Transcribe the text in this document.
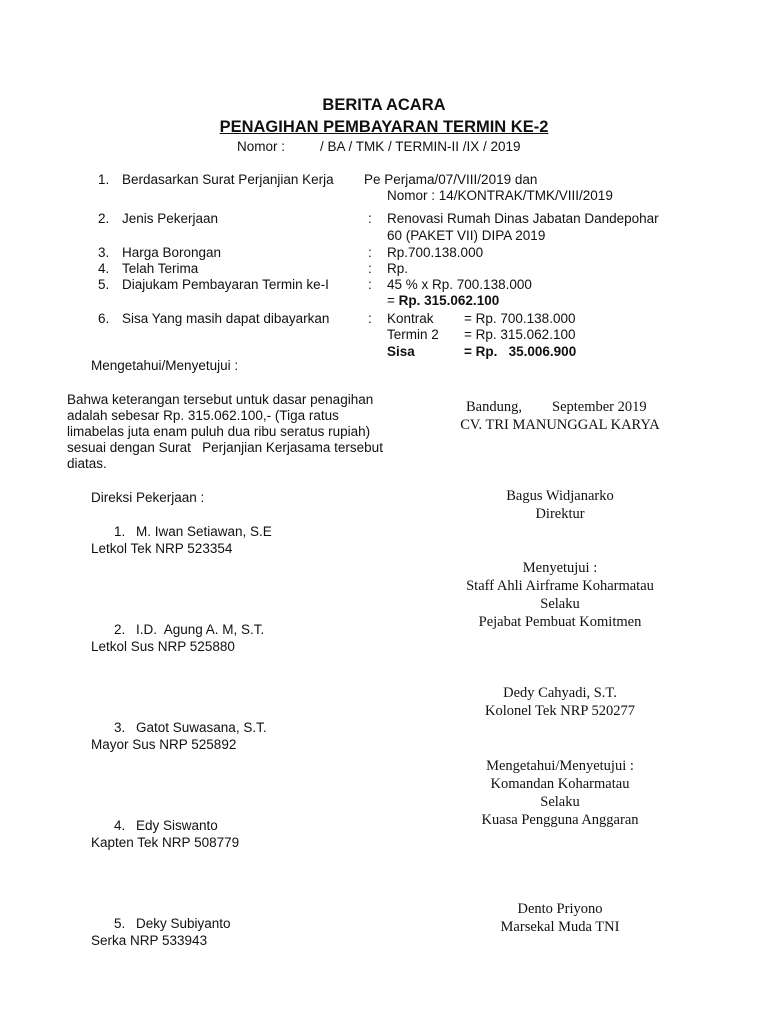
BERITA ACARA
PENAGIHAN PEMBAYARAN TERMIN KE-2
Nomor :	/ BA / TMK / TERMIN-II /IX / 2019
1. Berdasarkan Surat Perjanjian Kerja Pe Perjama/07/VIII/2019 dan
Nomor : 14/KONTRAK/TMK/VIII/2019
2. Jenis Pekerjaan	: Renovasi Rumah Dinas Jabatan Dandepohar
60 (PAKET VII) DIPA 2019
3. Harga Borongan	: Rp.700.138.000
4. Telah Terima	: Rp.
5. Diajukam Pembayaran Termin ke-I	: 45 % x Rp. 700.138.000
= Rp. 315.062.100
6. Sisa Yang masih dapat dibayarkan	: Kontrak = Rp. 700.138.000
Termin 2 = Rp. 315.062.100
Sisa	= Rp.   35.006.900
Mengetahui/Menyetujui :
Bahwa keterangan tersebut untuk dasar penagihan
adalah sebesar Rp. 315.062.100,- (Tiga ratus
limabelas juta enam puluh dua ribu seratus rupiah)
sesuai dengan Surat   Perjanjian Kerjasama tersebut
diatas.
Direksi Pekerjaan :
1. M. Iwan Setiawan, S.E
Letkol Tek NRP 523354
2. I.D.  Agung A. M, S.T.
Letkol Sus NRP 525880
3. Gatot Suwasana, S.T.
Mayor Sus NRP 525892
4. Edy Siswanto
Kapten Tek NRP 508779
5. Deky Subiyanto
Serka NRP 533943
Bandung, September 2019
CV. TRI MANUNGGAL KARYA
Bagus Widjanarko
Direktur
Menyetujui :
Staff Ahli Airframe Koharmatau
Selaku
Pejabat Pembuat Komitmen
Dedy Cahyadi, S.T.
Kolonel Tek NRP 520277
Mengetahui/Menyetujui :
Komandan Koharmatau
Selaku
Kuasa Pengguna Anggaran
Dento Priyono
Marsekal Muda TNI
